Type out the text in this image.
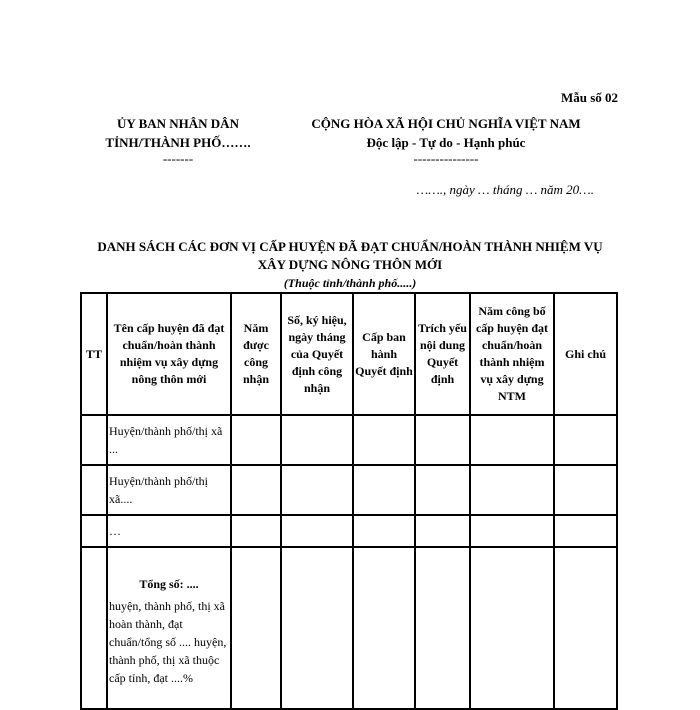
Mẫu số 02
ỦY BAN NHÂN DÂN
TỈNH/THÀNH PHỐ…….
-------
CỘNG HÒA XÃ HỘI CHỦ NGHĨA VIỆT NAM
Độc lập - Tự do - Hạnh phúc
---------------
……., ngày … tháng … năm 20….
DANH SÁCH CÁC ĐƠN VỊ CẤP HUYỆN ĐÃ ĐẠT CHUẨN/HOÀN THÀNH NHIỆM VỤ
XÂY DỰNG NÔNG THÔN MỚI
(Thuộc tỉnh/thành phố.....)
TT	Tên cấp huyện đã đạt chuẩn/hoàn thành nhiệm vụ xây dựng nông thôn mới	Năm được công nhận	Số, ký hiệu, ngày tháng của Quyết định công nhận	Cấp ban hành Quyết định	Trích yếu nội dung Quyết định	Năm công bố cấp huyện đạt chuẩn/hoàn thành nhiệm vụ xây dựng NTM	Ghi chú

	Huyện/thành phố/thị xã ...						

	Huyện/thành phố/thị xã....						

	…						

	Tổng số: ....
huyện, thành phố, thị xã hoàn thành, đạt chuẩn/tổng số .... huyện, thành phố, thị xã thuộc cấp tỉnh, đạt ....%						
